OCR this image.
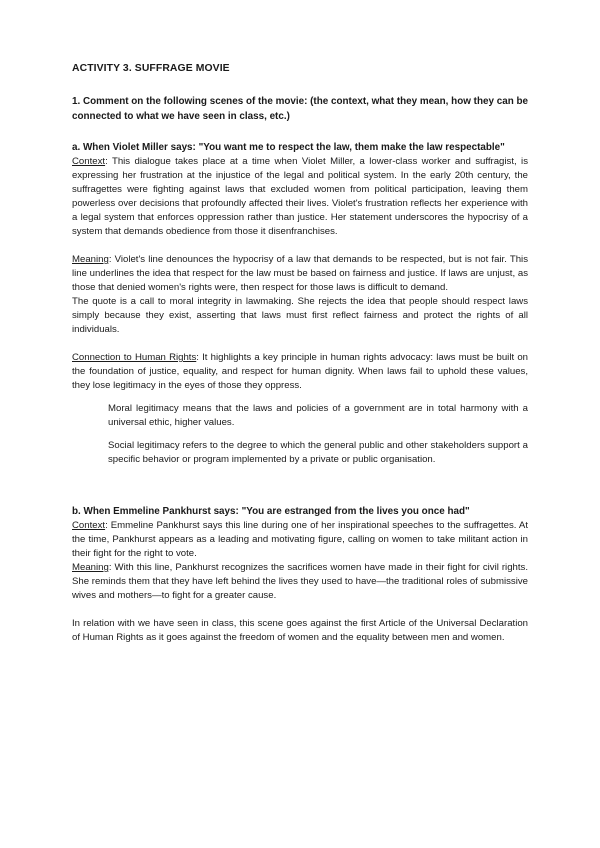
ACTIVITY 3. SUFFRAGE MOVIE
1. Comment on the following scenes of the movie: (the context, what they mean, how they can be connected to what we have seen in class, etc.)
a. When Violet Miller says: "You want me to respect the law, them make the law respectable"

Context: This dialogue takes place at a time when Violet Miller, a lower-class worker and suffragist, is expressing her frustration at the injustice of the legal and political system. In the early 20th century, the suffragettes were fighting against laws that excluded women from political participation, leaving them powerless over decisions that profoundly affected their lives. Violet's frustration reflects her experience with a legal system that enforces oppression rather than justice. Her statement underscores the hypocrisy of a system that demands obedience from those it disenfranchises.

Meaning: Violet's line denounces the hypocrisy of a law that demands to be respected, but is not fair. This line underlines the idea that respect for the law must be based on fairness and justice. If laws are unjust, as those that denied women's rights were, then respect for those laws is difficult to demand.

The quote is a call to moral integrity in lawmaking. She rejects the idea that people should respect laws simply because they exist, asserting that laws must first reflect fairness and protect the rights of all individuals.

Connection to Human Rights: It highlights a key principle in human rights advocacy: laws must be built on the foundation of justice, equality, and respect for human dignity. When laws fail to uphold these values, they lose legitimacy in the eyes of those they oppress.

Moral legitimacy means that the laws and policies of a government are in total harmony with a universal ethic, higher values.

Social legitimacy refers to the degree to which the general public and other stakeholders support a specific behavior or program implemented by a private or public organisation.

b. When Emmeline Pankhurst says: "You are estranged from the lives you once had"

Context: Emmeline Pankhurst says this line during one of her inspirational speeches to the suffragettes. At the time, Pankhurst appears as a leading and motivating figure, calling on women to take militant action in their fight for the right to vote.

Meaning: With this line, Pankhurst recognizes the sacrifices women have made in their fight for civil rights. She reminds them that they have left behind the lives they used to have—the traditional roles of submissive wives and mothers—to fight for a greater cause.

In relation with we have seen in class, this scene goes against the first Article of the Universal Declaration of Human Rights as it goes against the freedom of women and the equality between men and women.
